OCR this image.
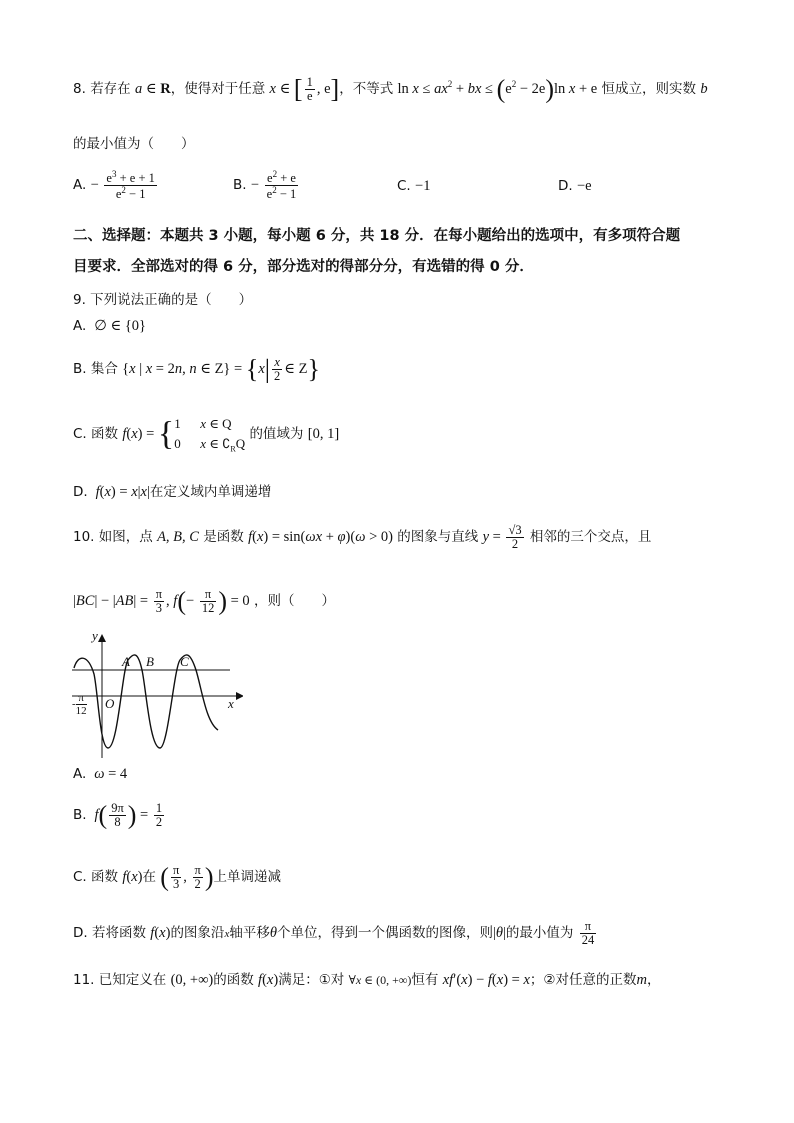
8. 若存在 a ∈ R，使得对于任意 x ∈ [ $\frac{1}{e}$ , e]，不等式 $\ln x \le ax^2$ + bx ≤ $(e^2 - 2e)\ln$ x + e 恒成立，则实数 b
的最小值为（　　）
A. − $\frac{e^3 + e + 1}{e^2 - 1}$	B. − $\frac{e^2 + e}{e^2 - 1}$	C. −1	D. −e
二、选择题：本题共 3 小题，每小题 6 分，共 18 分．在每小题给出的选项中，有多项符合题
目要求．全部选对的得 6 分，部分选对的得部分分，有选错的得 0 分．
9. 下列说法正确的是（　　）
A.  ∅ ∈ {0}
B. 集合 {x | x = 2n, n ∈ $Z\} = \{x| \frac{x}{2}$ ∈ Z}
C. 函数 f(x) = {1      x ∈ Q
0      x ∈ $∁_RQ$ 的值域为 [0, 1]
D. f(x) = x|x|在定义域内单调递增
10. 如图，点 A, B, C 是函数 f(x) = sin(ωx + φ)(ω > 0) 的图象与直线 $y = \frac{√3}{2}$ 相邻的三个交点，且
$|BC| - |AB| = \frac{\pi}{3}$ , $f(- \frac{\pi}{12}$ ) = 0 ，则（　　）
y
A B C
O	x
- $\frac{\pi}{12}$
A. ω = 4
B. $f( \frac{9\pi}{8}$ ) = $\frac{1}{2}$
C. 函数 f(x)在 ( $\frac{\pi}{3}$ , $\frac{\pi}{2}$ )上单调递减
D. 若将函数 f(x)的图象沿x轴平移θ个单位，得到一个偶函数的图像，则|θ|的最小值为 $\frac{\pi}{24}$
11. 已知定义在 (0, +∞)的函数 f(x)满足：①对 ∀x ∈ (0, +∞)恒有 xf′(x) − f(x) = x；②对任意的正数m，
